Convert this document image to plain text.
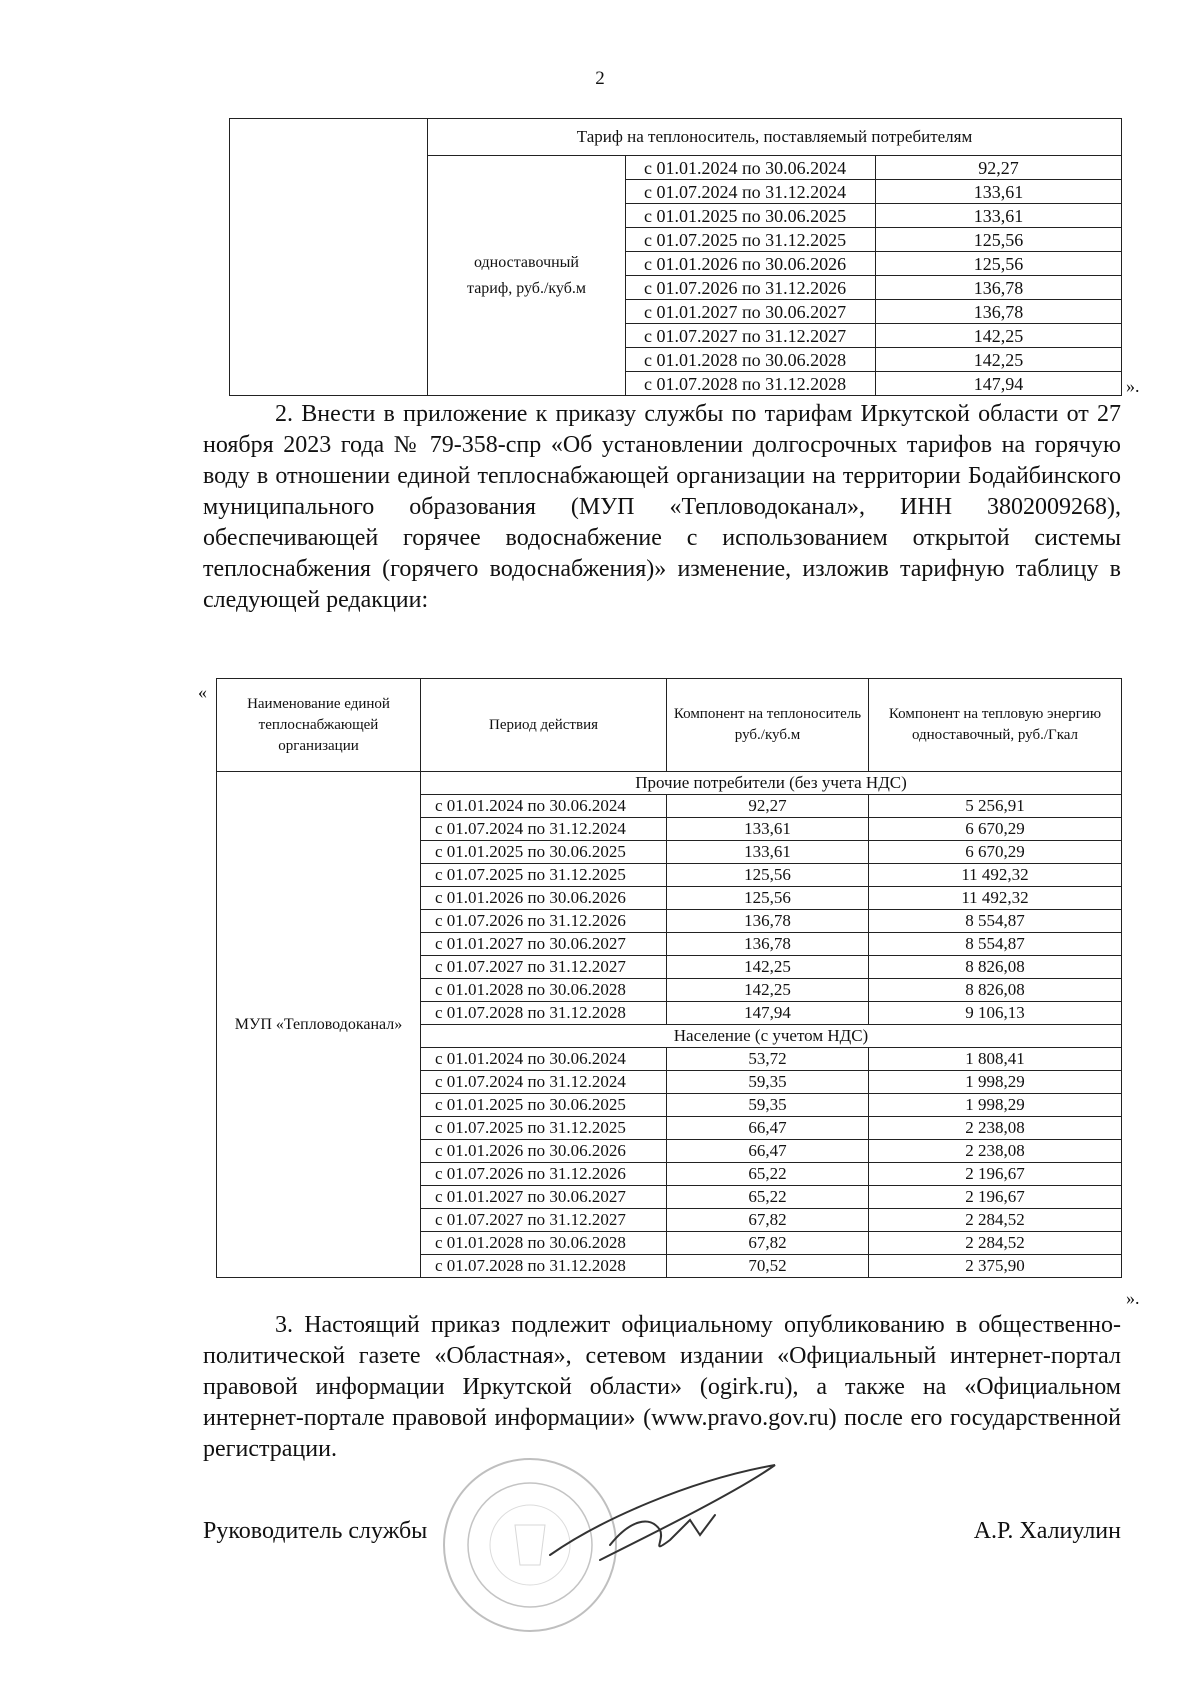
2
	Тариф на теплоноситель, поставляемый потребителям		

	одноставочный
тариф, руб./куб.м	с 01.01.2024 по 30.06.2024	92,27
		с 01.07.2024 по 31.12.2024	133,61
		с 01.01.2025 по 30.06.2025	133,61
		с 01.07.2025 по 31.12.2025	125,56
		с 01.01.2026 по 30.06.2026	125,56
		с 01.07.2026 по 31.12.2026	136,78
		с 01.01.2027 по 30.06.2027	136,78
		с 01.07.2027 по 31.12.2027	142,25
		с 01.01.2028 по 30.06.2028	142,25
		с 01.07.2028 по 31.12.2028	147,94	».
2. Внести в приложение к приказу службы по тарифам Иркутской области от 27 ноября 2023 года № 79-358-спр «Об установлении долгосрочных тарифов на горячую воду в отношении единой теплоснабжающей организации на территории Бодайбинского муниципального образования (МУП «Тепловодоканал», ИНН 3802009268), обеспечивающей горячее водоснабжение с использованием открытой системы теплоснабжения (горячего водоснабжения)» изменение, изложив тарифную таблицу в следующей редакции:
«
Наименование единой теплоснабжающей организации	Период действия	Компонент на теплоноситель руб./куб.м	Компонент на тепловую энергию одноставочный, руб./Гкал
МУП «Тепловодоканал»	Прочие потребители (без учета НДС)		
	с 01.01.2024 по 30.06.2024	92,27	5 256,91
	с 01.07.2024 по 31.12.2024	133,61	6 670,29
	с 01.01.2025 по 30.06.2025	133,61	6 670,29
	с 01.07.2025 по 31.12.2025	125,56	11 492,32
	с 01.01.2026 по 30.06.2026	125,56	11 492,32
	с 01.07.2026 по 31.12.2026	136,78	8 554,87
	с 01.01.2027 по 30.06.2027	136,78	8 554,87
	с 01.07.2027 по 31.12.2027	142,25	8 826,08
	с 01.01.2028 по 30.06.2028	142,25	8 826,08
	с 01.07.2028 по 31.12.2028	147,94	9 106,13
	Население (с учетом НДС)		
	с 01.01.2024 по 30.06.2024	53,72	1 808,41
	с 01.07.2024 по 31.12.2024	59,35	1 998,29
	с 01.01.2025 по 30.06.2025	59,35	1 998,29
	с 01.07.2025 по 31.12.2025	66,47	2 238,08
	с 01.01.2026 по 30.06.2026	66,47	2 238,08
	с 01.07.2026 по 31.12.2026	65,22	2 196,67
	с 01.01.2027 по 30.06.2027	65,22	2 196,67
	с 01.07.2027 по 31.12.2027	67,82	2 284,52
	с 01.01.2028 по 30.06.2028	67,82	2 284,52
	с 01.07.2028 по 31.12.2028	70,52	2 375,90
».
3. Настоящий приказ подлежит официальному опубликованию в общественно-политической газете «Областная», сетевом издании «Официальный интернет-портал правовой информации Иркутской области» (ogirk.ru), а также на «Официальном интернет-портале правовой информации» (www.pravo.gov.ru) после его государственной регистрации.
Руководитель службы	А.Р. Халиулин
